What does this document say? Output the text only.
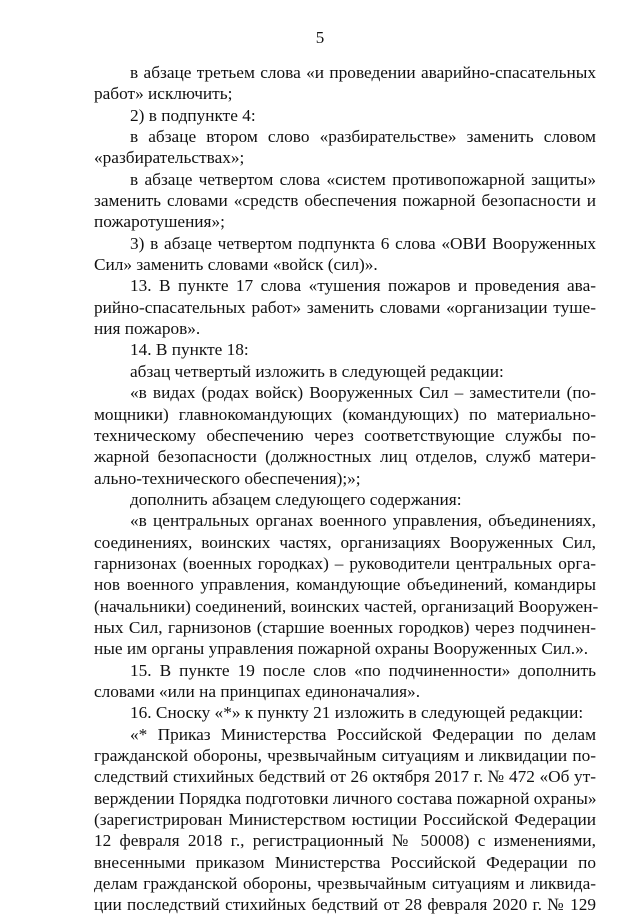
5
в абзаце третьем слова «и проведении аварийно-спасательных
работ» исключить;
2) в подпункте 4:
в абзаце втором слово «разбирательстве» заменить словом
«разбирательствах»;
в абзаце четвертом слова «систем противопожарной защиты»
заменить словами «средств обеспечения пожарной безопасности и
пожаротушения»;
3) в абзаце четвертом подпункта 6 слова «ОВИ Вооруженных
Сил» заменить словами «войск (сил)».
13. В пункте 17 слова «тушения пожаров и проведения ава-
рийно-спасательных работ» заменить словами «организации туше-
ния пожаров».
14. В пункте 18:
абзац четвертый изложить в следующей редакции:
«в видах (родах войск) Вооруженных Сил – заместители (по-
мощники) главнокомандующих (командующих) по материально-
техническому обеспечению через соответствующие службы по-
жарной безопасности (должностных лиц отделов, служб матери-
ально-технического обеспечения);»;
дополнить абзацем следующего содержания:
«в центральных органах военного управления, объединениях,
соединениях, воинских частях, организациях Вооруженных Сил,
гарнизонах (военных городках) – руководители центральных орга-
нов военного управления, командующие объединений, командиры
(начальники) соединений, воинских частей, организаций Вооружен-
ных Сил, гарнизонов (старшие военных городков) через подчинен-
ные им органы управления пожарной охраны Вооруженных Сил.».
15. В пункте 19 после слов «по подчиненности» дополнить
словами «или на принципах единоначалия».
16. Сноску «*» к пункту 21 изложить в следующей редакции:
«* Приказ Министерства Российской Федерации по делам
гражданской обороны, чрезвычайным ситуациям и ликвидации по-
следствий стихийных бедствий от 26 октября 2017 г. № 472 «Об ут-
верждении Порядка подготовки личного состава пожарной охраны»
(зарегистрирован Министерством юстиции Российской Федерации
12 февраля 2018 г., регистрационный № 50008) с изменениями,
внесенными приказом Министерства Российской Федерации по
делам гражданской обороны, чрезвычайным ситуациям и ликвида-
ции последствий стихийных бедствий от 28 февраля 2020 г. № 129
